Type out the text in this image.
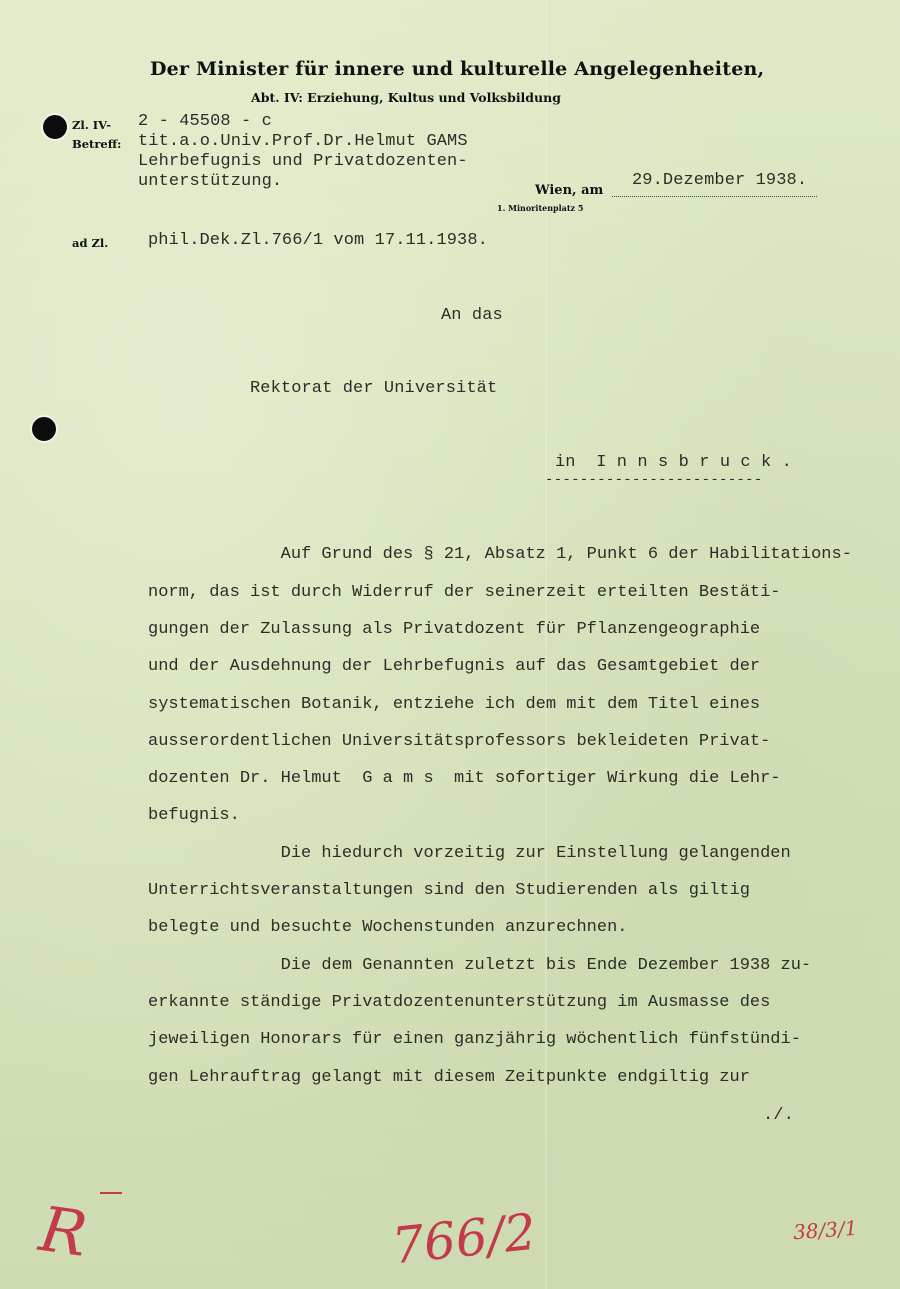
Der Minister für innere und kulturelle Angelegenheiten,
Abt. IV: Erziehung, Kultus und Volksbildung
Zl. IV- 2 - 45508 - c
Betreff: tit.a.o.Univ.Prof.Dr.Helmut GAMS
Lehrbefugnis und Privatdozenten-
unterstützung.	Wien, am
29.Dezember 1938.
1. Minoritenplatz 5
ad Zl. phil.Dek.Zl.766/1 vom 17.11.1938.
An das
Rektorat der Universität
in  I n n s b r u c k .
-------------------------
Auf Grund des § 21, Absatz 1, Punkt 6 der Habilitations-
norm, das ist durch Widerruf der seinerzeit erteilten Bestäti-
gungen der Zulassung als Privatdozent für Pflanzengeographie
und der Ausdehnung der Lehrbefugnis auf das Gesamtgebiet der
systematischen Botanik, entziehe ich dem mit dem Titel eines
ausserordentlichen Universitätsprofessors bekleideten Privat-
dozenten Dr. Helmut  G a m s  mit sofortiger Wirkung die Lehr-
befugnis.
Die hiedurch vorzeitig zur Einstellung gelangenden
Unterrichtsveranstaltungen sind den Studierenden als giltig
belegte und besuchte Wochenstunden anzurechnen.
Die dem Genannten zuletzt bis Ende Dezember 1938 zu-
erkannte ständige Privatdozentenunterstützung im Ausmasse des
jeweiligen Honorars für einen ganzjährig wöchentlich fünfstündi-
gen Lehrauftrag gelangt mit diesem Zeitpunkte endgiltig zur
./.
R	766/2	38/3/1
